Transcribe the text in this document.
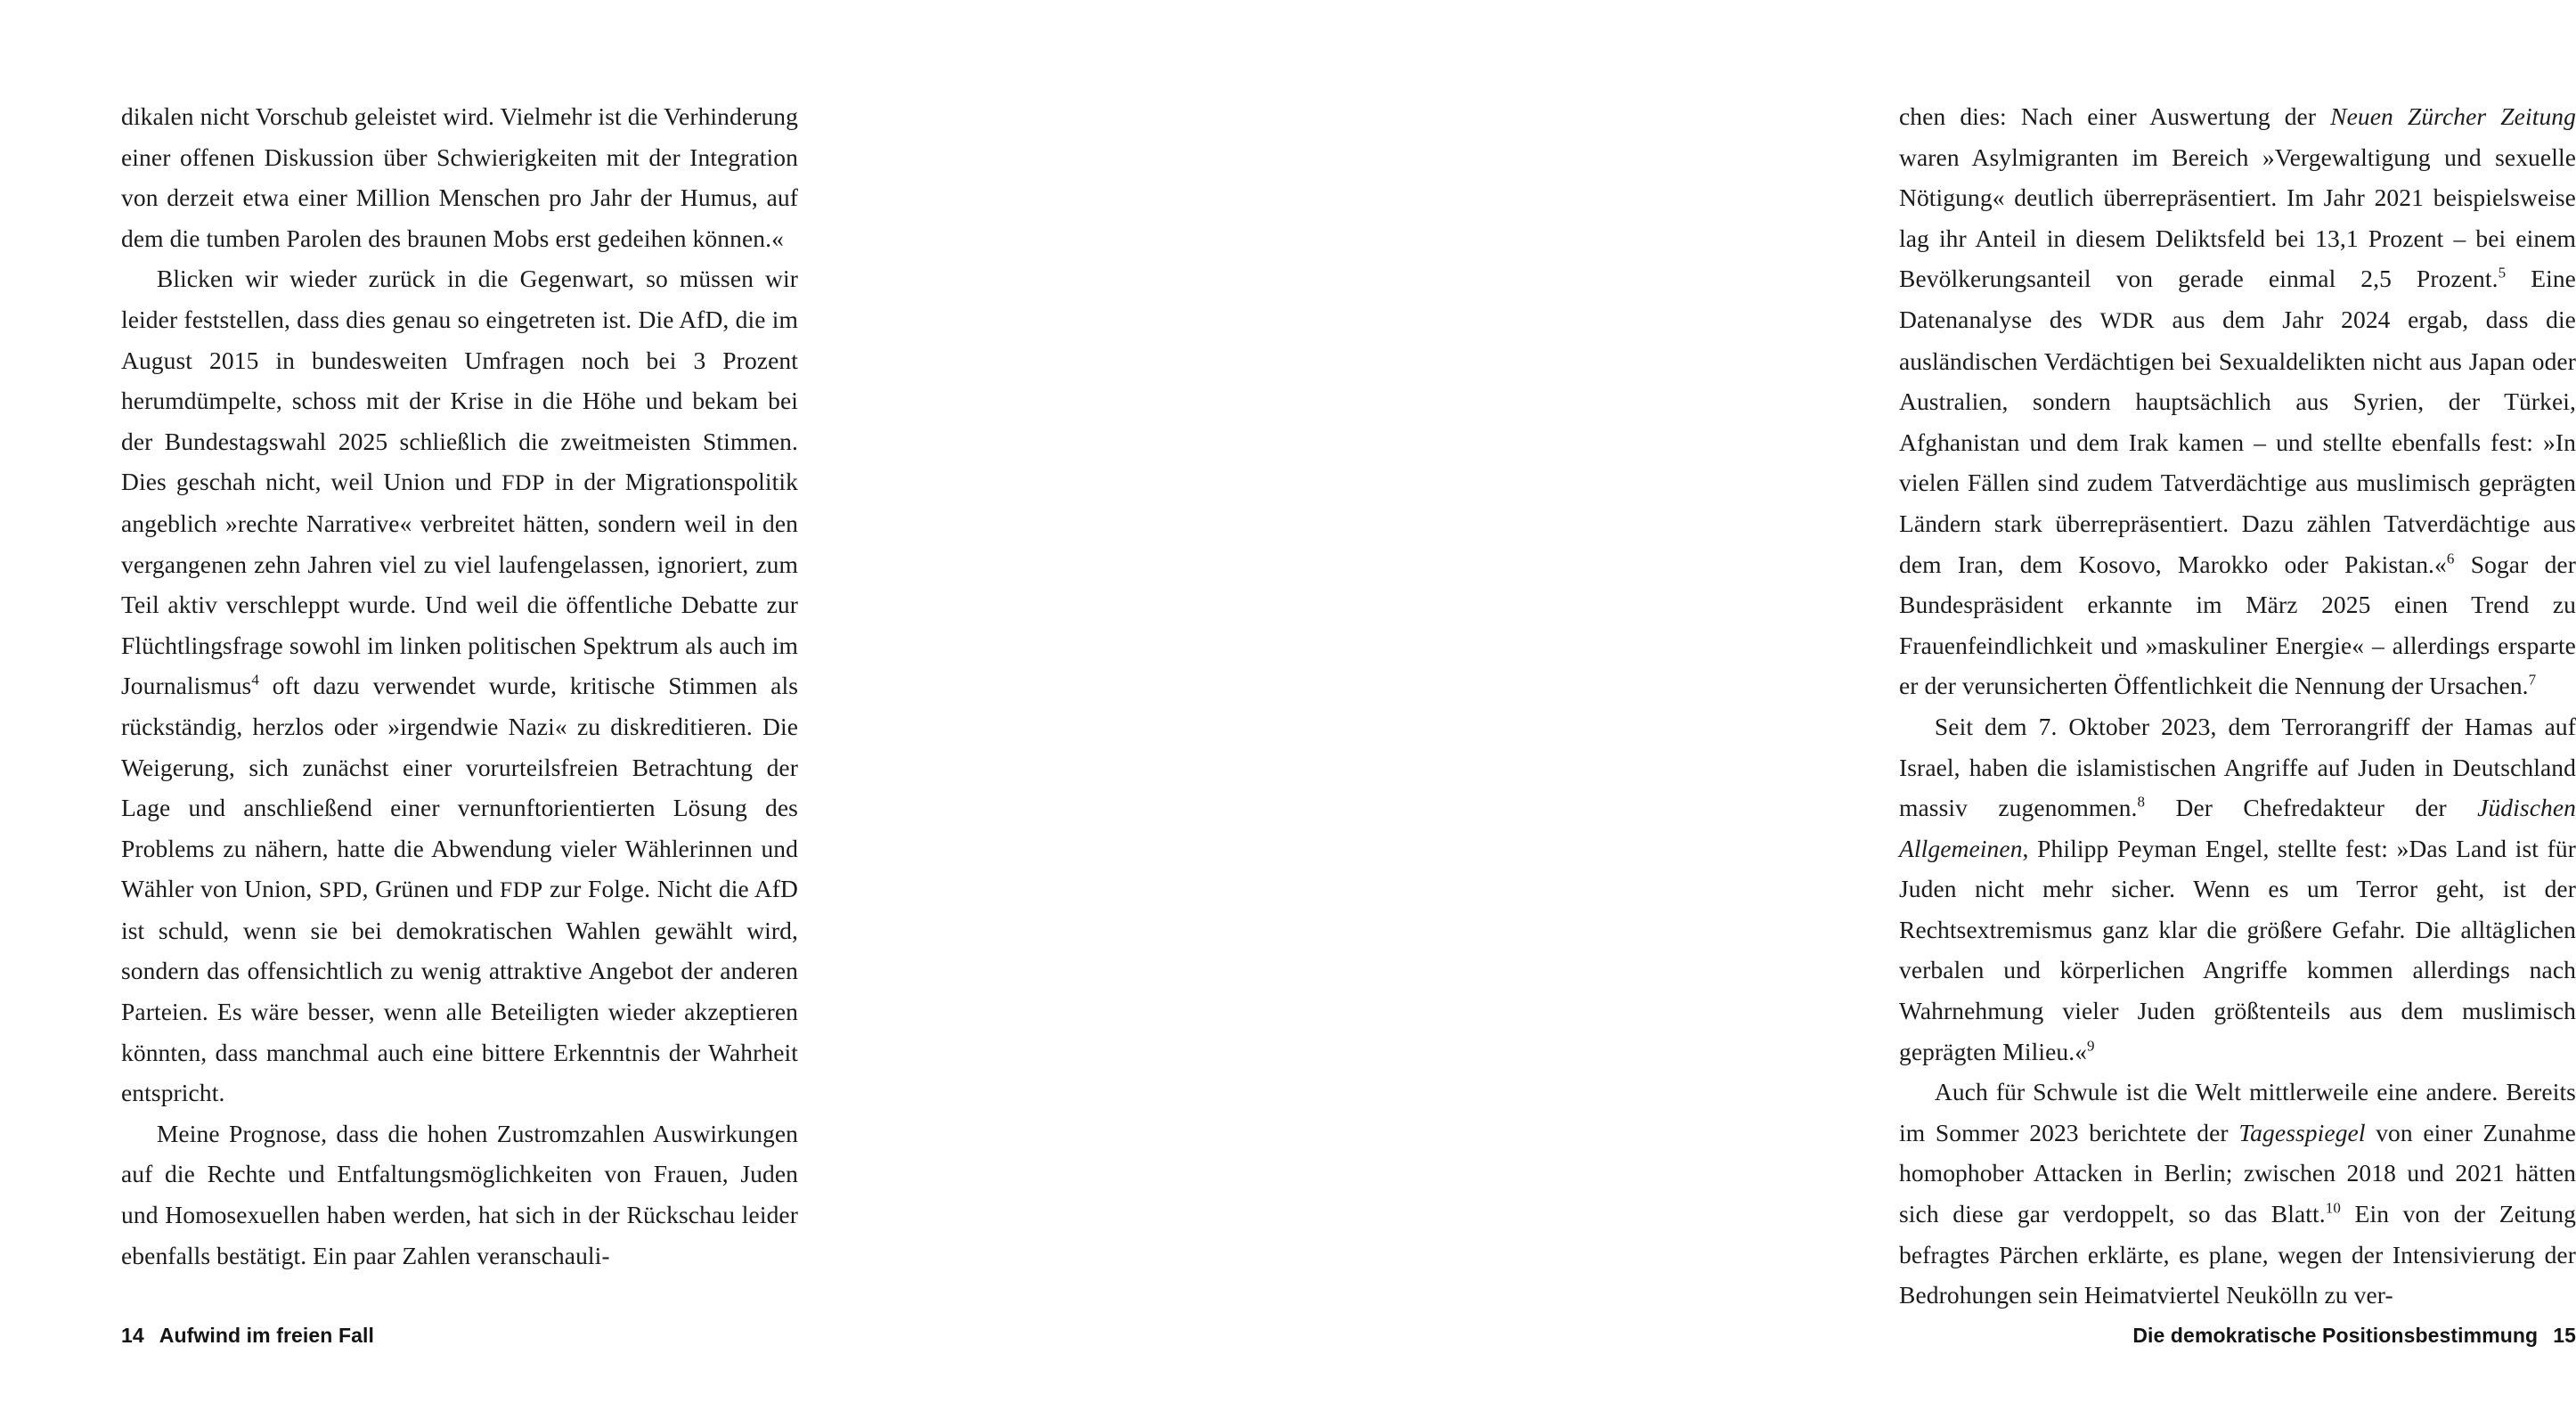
dikalen nicht Vorschub geleistet wird. Vielmehr ist die Verhinderung einer offenen Diskussion über Schwierigkeiten mit der Integration von derzeit etwa einer Million Menschen pro Jahr der Humus, auf dem die tumben Parolen des braunen Mobs erst gedeihen können.«

Blicken wir wieder zurück in die Gegenwart, so müssen wir leider feststellen, dass dies genau so eingetreten ist. Die AfD, die im August 2015 in bundesweiten Umfragen noch bei 3 Prozent herumdümpelte, schoss mit der Krise in die Höhe und bekam bei der Bundestagswahl 2025 schließlich die zweitmeisten Stimmen. Dies geschah nicht, weil Union und FDP in der Migrationspolitik angeblich »rechte Narrative« verbreitet hätten, sondern weil in den vergangenen zehn Jahren viel zu viel laufengelassen, ignoriert, zum Teil aktiv verschleppt wurde. Und weil die öffentliche Debatte zur Flüchtlingsfrage sowohl im linken politischen Spektrum als auch im Journalismus$^4$ oft dazu verwendet wurde, kritische Stimmen als rückständig, herzlos oder »irgendwie Nazi« zu diskreditieren. Die Weigerung, sich zunächst einer vorurteilsfreien Betrachtung der Lage und anschließend einer vernunftorientierten Lösung des Problems zu nähern, hatte die Abwendung vieler Wählerinnen und Wähler von Union, SPD, Grünen und FDP zur Folge. Nicht die AfD ist schuld, wenn sie bei demokratischen Wahlen gewählt wird, sondern das offensichtlich zu wenig attraktive Angebot der anderen Parteien. Es wäre besser, wenn alle Beteiligten wieder akzeptieren könnten, dass manchmal auch eine bittere Erkenntnis der Wahrheit entspricht.

Meine Prognose, dass die hohen Zustromzahlen Auswirkungen auf die Rechte und Entfaltungsmöglichkeiten von Frauen, Juden und Homosexuellen haben werden, hat sich in der Rückschau leider ebenfalls bestätigt. Ein paar Zahlen veranschauli-

14 Aufwind im freien Fall

chen dies: Nach einer Auswertung der Neuen Zürcher Zeitung waren Asylmigranten im Bereich »Vergewaltigung und sexuelle Nötigung« deutlich überrepräsentiert. Im Jahr 2021 beispielsweise lag ihr Anteil in diesem Deliktsfeld bei 13,1 Prozent – bei einem Bevölkerungsanteil von gerade einmal 2,5 Prozent.$^5$ Eine Datenanalyse des WDR aus dem Jahr 2024 ergab, dass die ausländischen Verdächtigen bei Sexualdelikten nicht aus Japan oder Australien, sondern hauptsächlich aus Syrien, der Türkei, Afghanistan und dem Irak kamen – und stellte ebenfalls fest: »In vielen Fällen sind zudem Tatverdächtige aus muslimisch geprägten Ländern stark überrepräsentiert. Dazu zählen Tatverdächtige aus dem Iran, dem Kosovo, Marokko oder Pakistan.«$^6$ Sogar der Bundespräsident erkannte im März 2025 einen Trend zu Frauenfeindlichkeit und »maskuliner Energie« – allerdings ersparte er der verunsicherten Öffentlichkeit die Nennung der Ursachen.$^7$

Seit dem 7. Oktober 2023, dem Terrorangriff der Hamas auf Israel, haben die islamistischen Angriffe auf Juden in Deutschland massiv zugenommen.$^8$ Der Chefredakteur der Jüdischen Allgemeinen, Philipp Peyman Engel, stellte fest: »Das Land ist für Juden nicht mehr sicher. Wenn es um Terror geht, ist der Rechtsextremismus ganz klar die größere Gefahr. Die alltäglichen verbalen und körperlichen Angriffe kommen allerdings nach Wahrnehmung vieler Juden größtenteils aus dem muslimisch geprägten Milieu.«$^9$

Auch für Schwule ist die Welt mittlerweile eine andere. Bereits im Sommer 2023 berichtete der Tagesspiegel von einer Zunahme homophober Attacken in Berlin; zwischen 2018 und 2021 hätten sich diese gar verdoppelt, so das Blatt.$^{10}$ Ein von der Zeitung befragtes Pärchen erklärte, es plane, wegen der Intensivierung der Bedrohungen sein Heimatviertel Neukölln zu ver-

Die demokratische Positionsbestimmung 15
